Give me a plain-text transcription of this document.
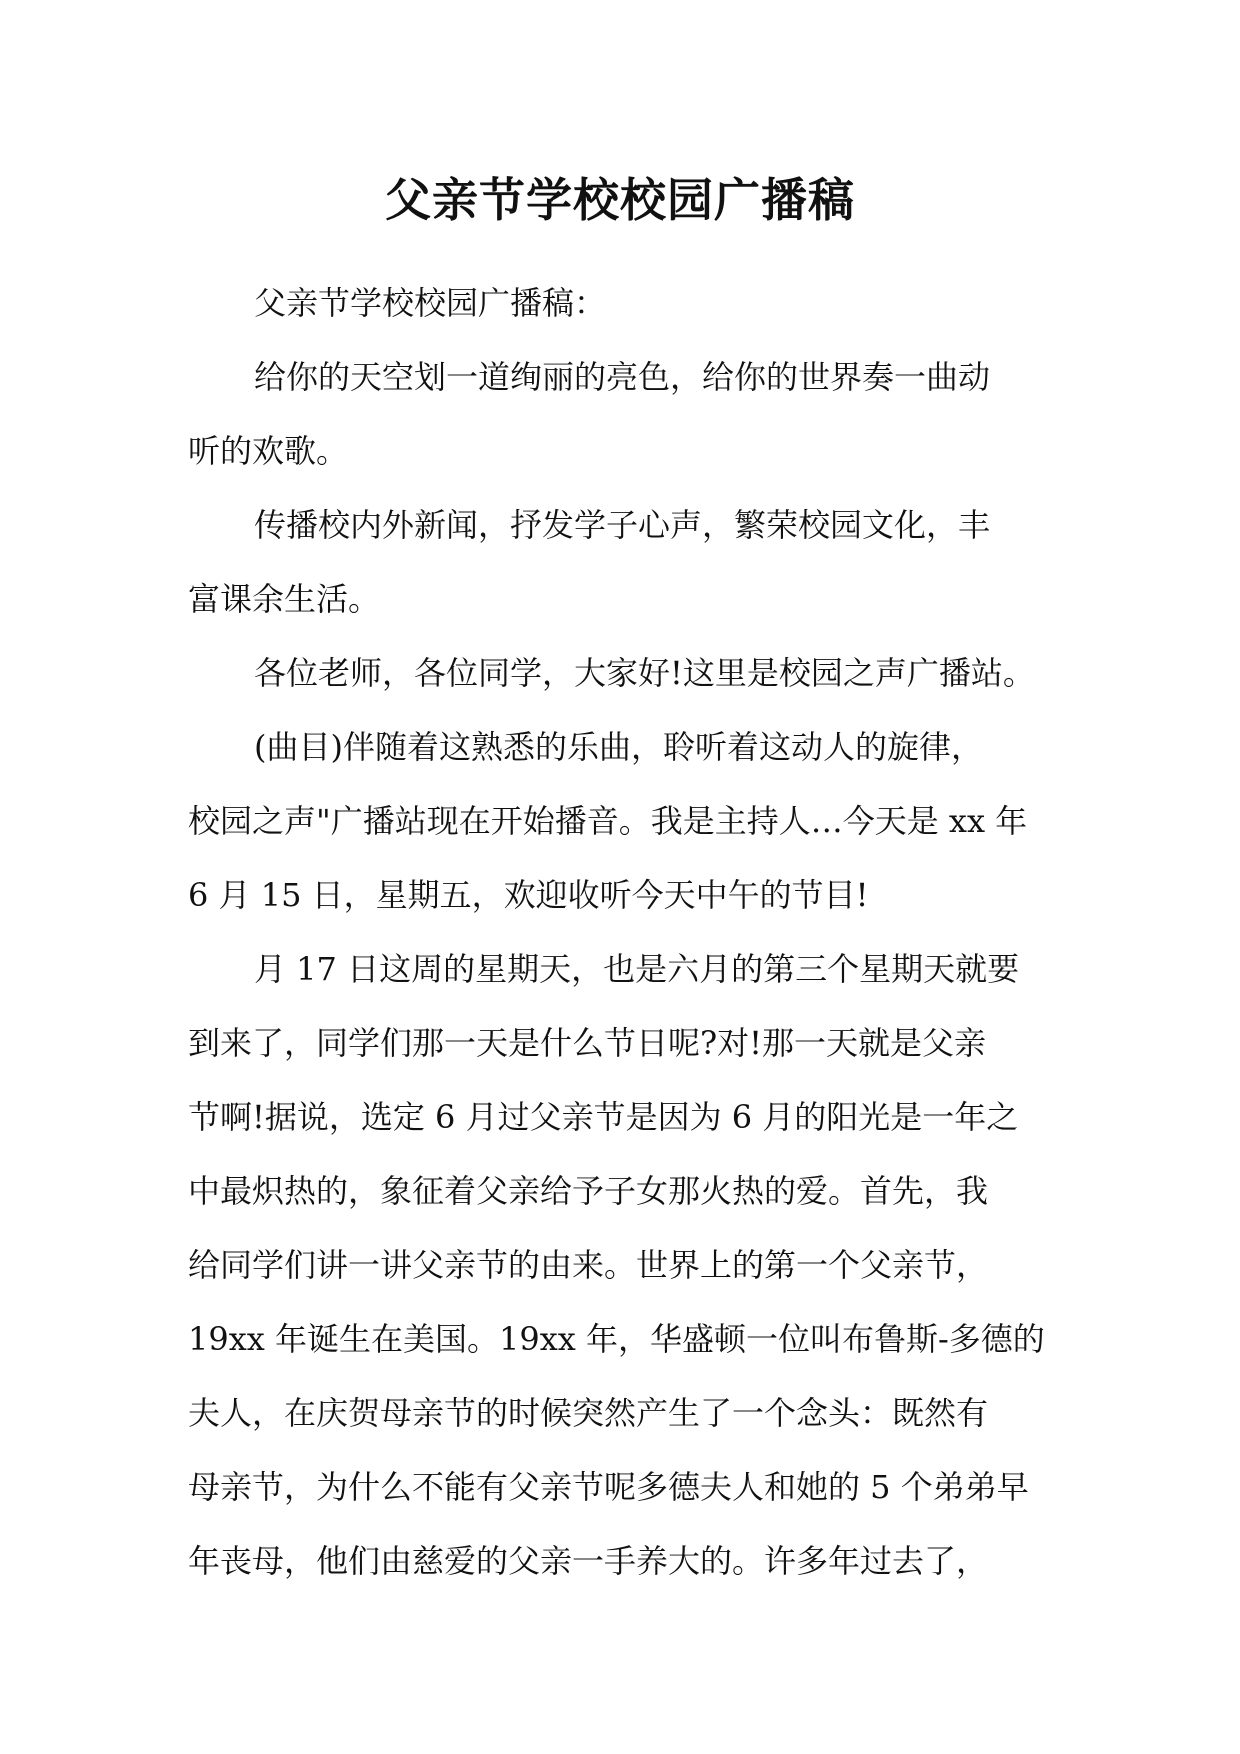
父亲节学校校园广播稿
父亲节学校校园广播稿：
给你的天空划一道绚丽的亮色，给你的世界奏一曲动
听的欢歌。
传播校内外新闻，抒发学子心声，繁荣校园文化，丰
富课余生活。
各位老师，各位同学，大家好!这里是校园之声广播站。
(曲目)伴随着这熟悉的乐曲，聆听着这动人的旋律，
校园之声"广播站现在开始播音。我是主持人…今天是 xx 年
6 月 15 日，星期五，欢迎收听今天中午的节目!
月 17 日这周的星期天，也是六月的第三个星期天就要
到来了，同学们那一天是什么节日呢?对!那一天就是父亲
节啊!据说，选定 6 月过父亲节是因为 6 月的阳光是一年之
中最炽热的，象征着父亲给予子女那火热的爱。首先，我
给同学们讲一讲父亲节的由来。世界上的第一个父亲节，
19xx 年诞生在美国。19xx 年，华盛顿一位叫布鲁斯-多德的
夫人，在庆贺母亲节的时候突然产生了一个念头：既然有
母亲节，为什么不能有父亲节呢多德夫人和她的 5 个弟弟早
年丧母，他们由慈爱的父亲一手养大的。许多年过去了，
